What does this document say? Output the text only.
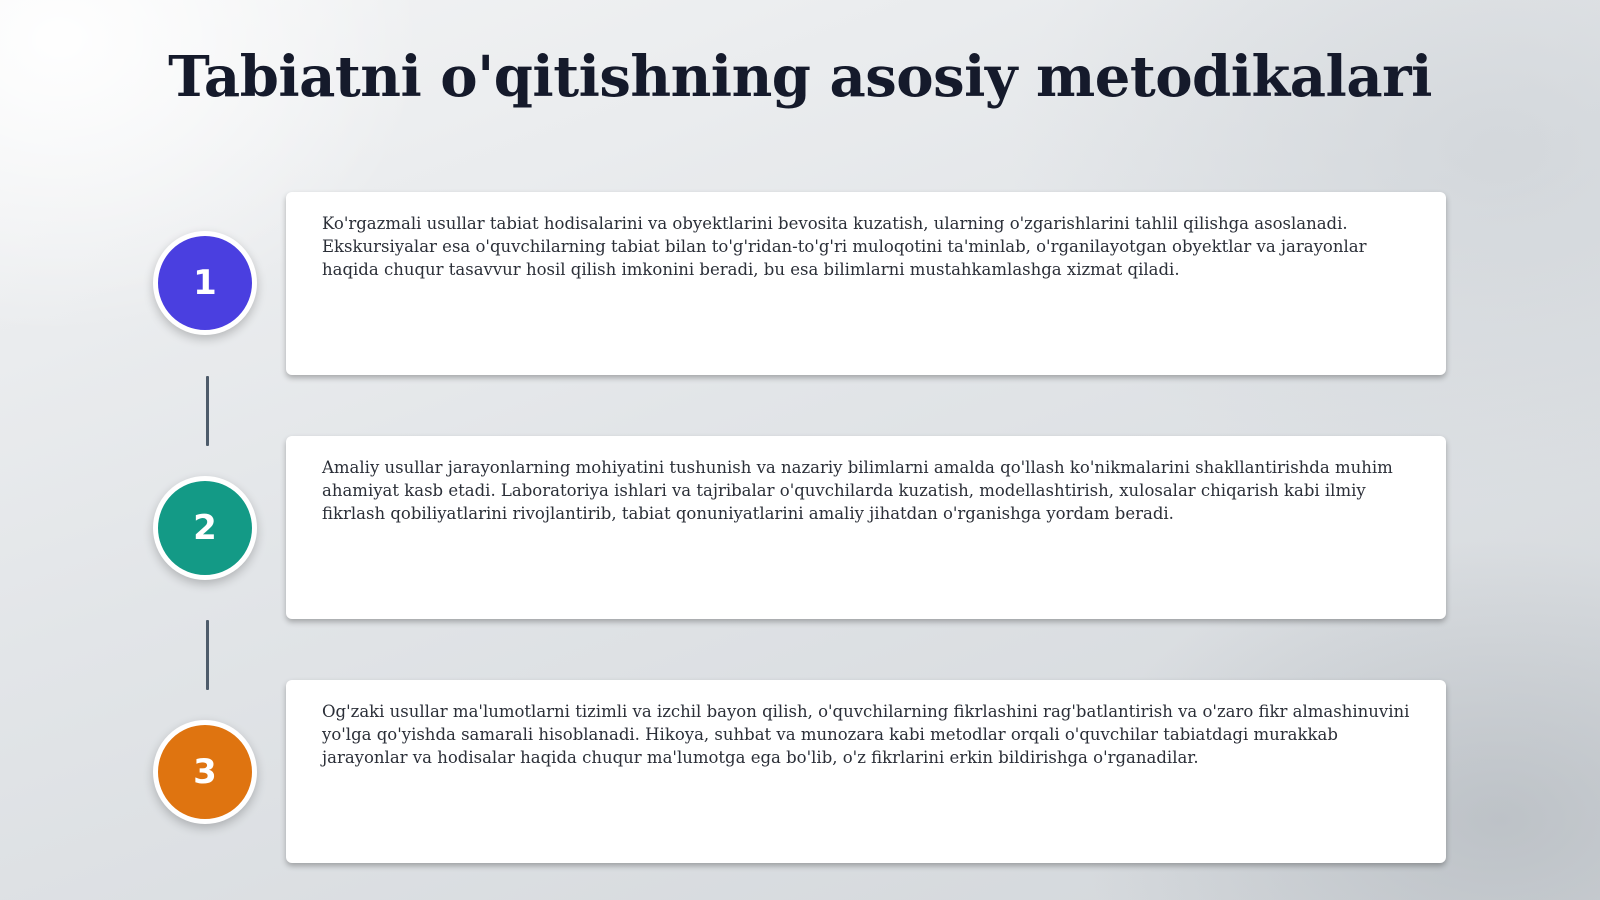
Tabiatni o'qitishning asosiy metodikalari
1

Ko'rgazmali usullar tabiat hodisalarini va obyektlarini bevosita kuzatish, ularning o'zgarishlarini tahlil qilishga asoslanadi. Ekskursiyalar esa o'quvchilarning tabiat bilan to'g'ridan-to'g'ri muloqotini ta'minlab, o'rganilayotgan obyektlar va jarayonlar haqida chuqur tasavvur hosil qilish imkonini beradi, bu esa bilimlarni mustahkamlashga xizmat qiladi.

2

Amaliy usullar jarayonlarning mohiyatini tushunish va nazariy bilimlarni amalda qo'llash ko'nikmalarini shakllantirishda muhim ahamiyat kasb etadi. Laboratoriya ishlari va tajribalar o'quvchilarda kuzatish, modellashtirish, xulosalar chiqarish kabi ilmiy fikrlash qobiliyatlarini rivojlantirib, tabiat qonuniyatlarini amaliy jihatdan o'rganishga yordam beradi.

3

Og'zaki usullar ma'lumotlarni tizimli va izchil bayon qilish, o'quvchilarning fikrlashini rag'batlantirish va o'zaro fikr almashinuvini yo'lga qo'yishda samarali hisoblanadi. Hikoya, suhbat va munozara kabi metodlar orqali o'quvchilar tabiatdagi murakkab jarayonlar va hodisalar haqida chuqur ma'lumotga ega bo'lib, o'z fikrlarini erkin bildirishga o'rganadilar.
